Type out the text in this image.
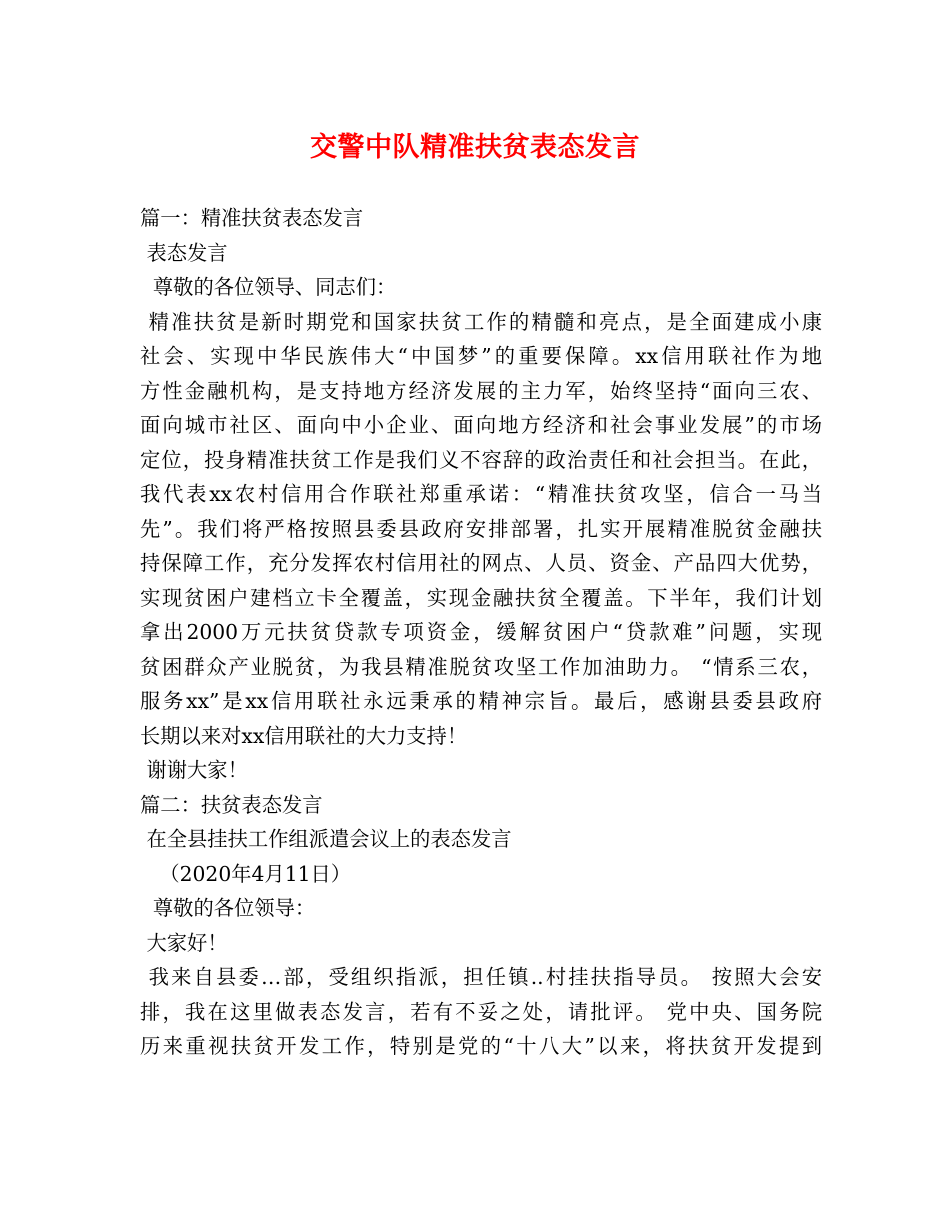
交警中队精准扶贫表态发言
篇一：精准扶贫表态发言
表态发言
尊敬的各位领导、同志们：
精准扶贫是新时期党和国家扶贫工作的精髓和亮点，是全面建成小康
社会、实现中华民族伟大“中国梦”的重要保障。xx信用联社作为地
方性金融机构，是支持地方经济发展的主力军，始终坚持“面向三农、
面向城市社区、面向中小企业、面向地方经济和社会事业发展”的市场
定位，投身精准扶贫工作是我们义不容辞的政治责任和社会担当。在此，
我代表xx农村信用合作联社郑重承诺：“精准扶贫攻坚，信合一马当
先”。我们将严格按照县委县政府安排部署，扎实开展精准脱贫金融扶
持保障工作，充分发挥农村信用社的网点、人员、资金、产品四大优势，
实现贫困户建档立卡全覆盖，实现金融扶贫全覆盖。下半年，我们计划
拿出2000万元扶贫贷款专项资金，缓解贫困户“贷款难”问题，实现
贫困群众产业脱贫，为我县精准脱贫攻坚工作加油助力。 “情系三农，
服务xx”是xx信用联社永远秉承的精神宗旨。最后，感谢县委县政府
长期以来对xx信用联社的大力支持！
谢谢大家！
篇二：扶贫表态发言
在全县挂扶工作组派遣会议上的表态发言
（2020年4月11日）
尊敬的各位领导：
大家好！
我来自县委…部，受组织指派，担任镇..村挂扶指导员。 按照大会安
排，我在这里做表态发言，若有不妥之处，请批评。 党中央、国务院
历来重视扶贫开发工作，特别是党的“十八大”以来，将扶贫开发提到
